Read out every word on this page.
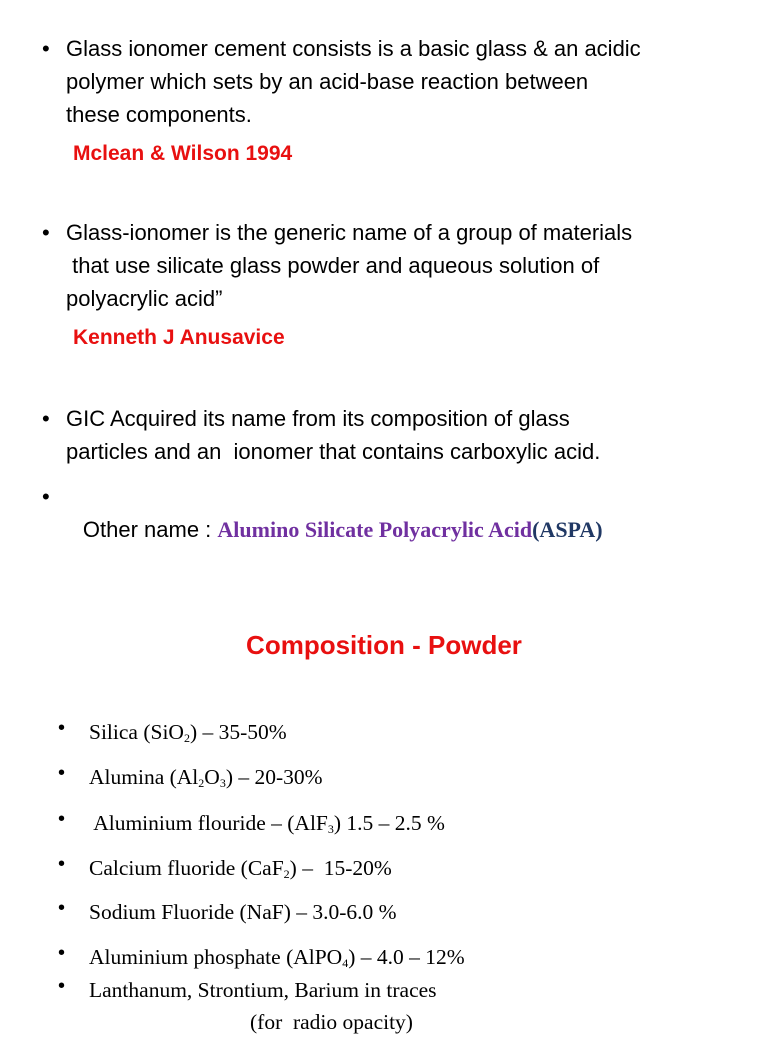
• Glass ionomer cement consists is a basic glass & an acidic
polymer which sets by an acid-base reaction between
these components.
Mclean & Wilson 1994
• Glass-ionomer is the generic name of a group of materials
that use silicate glass powder and aqueous solution of
polyacrylic acid”
Kenneth J Anusavice
• GIC Acquired its name from its composition of glass
particles and an  ionomer that contains carboxylic acid.
•

Other name : Alumino Silicate Polyacrylic Acid(ASPA)

Composition - Powder
• Silica (SiO$_2$) – 35-50%
• Alumina $(Al_2O_3) - 20-30\%$
• Aluminium flouride – (AlF$_3$) 1.5 – 2.5 %
• Calcium fluoride (CaF$_2$) –  15-20%
• Sodium Fluoride (NaF) – 3.0-6.0 %
• Aluminium phosphate (AlPO$_4$) – 4.0 – 12%
• Lanthanum, Strontium, Barium in traces
(for  radio opacity)
